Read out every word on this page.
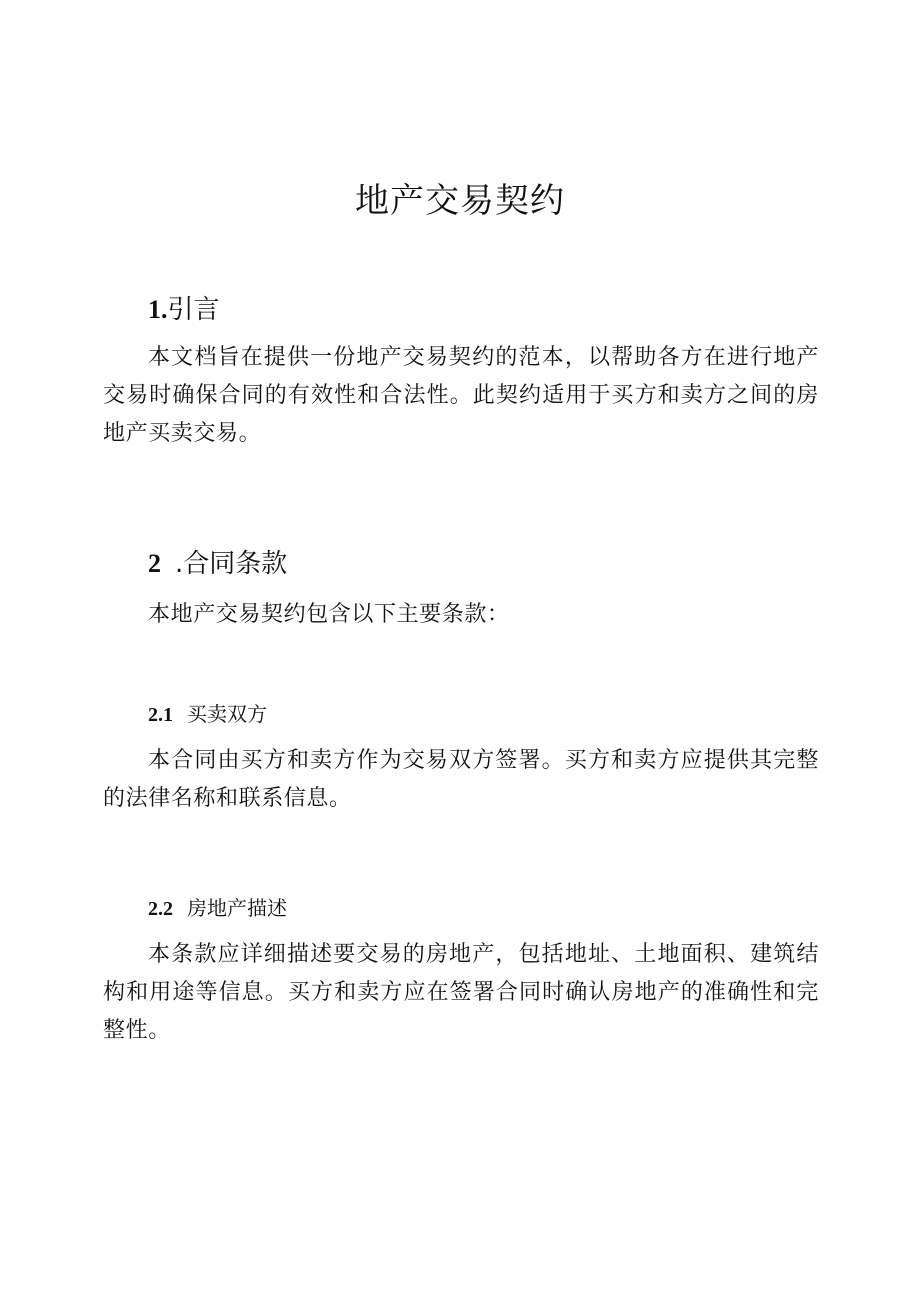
地产交易契约
1.引言

本文档旨在提供一份地产交易契约的范本，以帮助各方在进行地产交易时确保合同的有效性和合法性。此契约适用于买方和卖方之间的房地产买卖交易。

2 .合同条款

本地产交易契约包含以下主要条款：

2.1 买卖双方

本合同由买方和卖方作为交易双方签署。买方和卖方应提供其完整的法律名称和联系信息。

2.2 房地产描述

本条款应详细描述要交易的房地产，包括地址、土地面积、建筑结构和用途等信息。买方和卖方应在签署合同时确认房地产的准确性和完整性。
